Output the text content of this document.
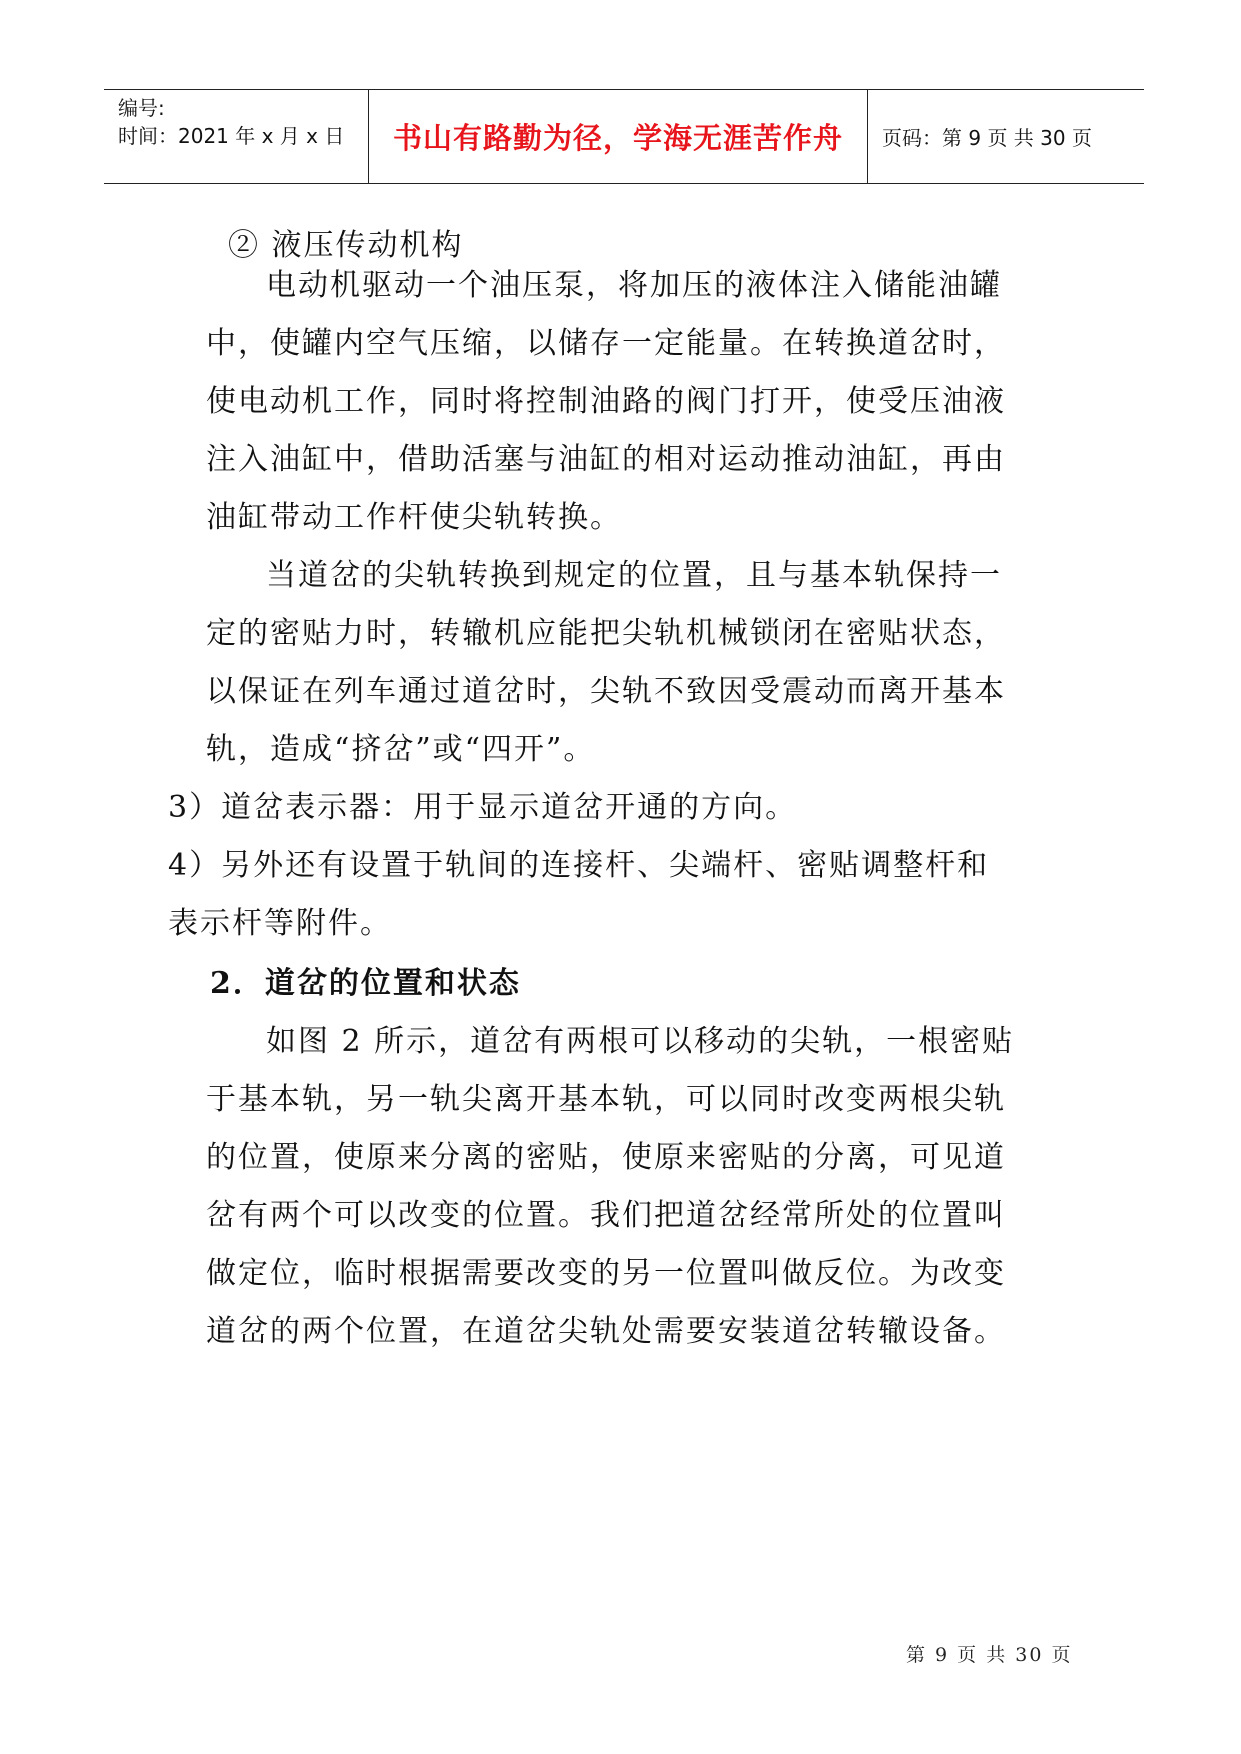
编号:
时间：2021 年 x 月 x 日	书山有路勤为径，学海无涯苦作舟	页码：第 9 页 共 30 页
② 液压传动机构
电动机驱动一个油压泵，将加压的液体注入储能油罐
中，使罐内空气压缩，以储存一定能量。在转换道岔时，
使电动机工作，同时将控制油路的阀门打开，使受压油液
注入油缸中，借助活塞与油缸的相对运动推动油缸，再由
油缸带动工作杆使尖轨转换。
当道岔的尖轨转换到规定的位置，且与基本轨保持一
定的密贴力时，转辙机应能把尖轨机械锁闭在密贴状态，
以保证在列车通过道岔时，尖轨不致因受震动而离开基本
轨，造成“挤岔”或“四开”。
3）道岔表示器：用于显示道岔开通的方向。
4）另外还有设置于轨间的连接杆、尖端杆、密贴调整杆和
表示杆等附件。
2．道岔的位置和状态
如图 2 所示，道岔有两根可以移动的尖轨，一根密贴
于基本轨，另一轨尖离开基本轨，可以同时改变两根尖轨
的位置，使原来分离的密贴，使原来密贴的分离，可见道
岔有两个可以改变的位置。我们把道岔经常所处的位置叫
做定位，临时根据需要改变的另一位置叫做反位。为改变
道岔的两个位置，在道岔尖轨处需要安装道岔转辙设备。
第 9 页 共 30 页
